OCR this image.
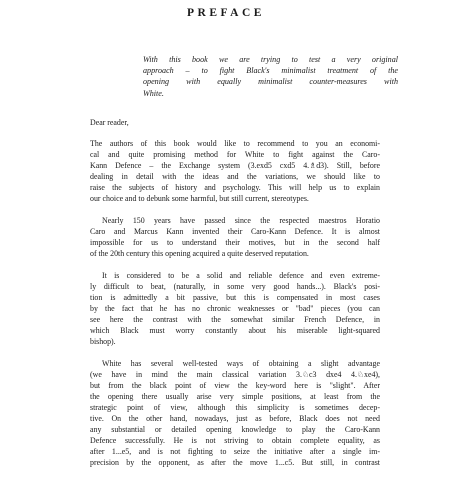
PREFACE
With this book we are trying to test a very original
approach – to fight Black's minimalist treatment of the
opening with equally minimalist counter-measures with
White.
Dear reader,
The authors of this book would like to recommend to you an economi-
cal and quite promising method for White to fight against the Caro-
Kann Defence – the Exchange system (3.exd5 cxd5 4.♗d3). Still, before
dealing in detail with the ideas and the variations, we should like to
raise the subjects of history and psychology. This will help us to explain
our choice and to debunk some harmful, but still current, stereotypes.
Nearly 150 years have passed since the respected maestros Horatio
Caro and Marcus Kann invented their Caro-Kann Defence. It is almost
impossible for us to understand their motives, but in the second half
of the 20th century this opening acquired a quite deserved reputation.
It is considered to be a solid and reliable defence and even extreme-
ly difficult to beat, (naturally, in some very good hands...). Black's posi-
tion is admittedly a bit passive, but this is compensated in most cases
by the fact that he has no chronic weaknesses or "bad" pieces (you can
see here the contrast with the somewhat similar French Defence, in
which Black must worry constantly about his miserable light-squared
bishop).
White has several well-tested ways of obtaining a slight advantage
(we have in mind the main classical variation 3.♘c3 dxe4 4.♘xe4),
but from the black point of view the key-word here is "slight". After
the opening there usually arise very simple positions, at least from the
strategic point of view, although this simplicity is sometimes decep-
tive. On the other hand, nowadays, just as before, Black does not need
any substantial or detailed opening knowledge to play the Caro-Kann
Defence successfully. He is not striving to obtain complete equality, as
after 1...e5, and is not fighting to seize the initiative after a single im-
precision by the opponent, as after the move 1...c5. But still, in contrast
